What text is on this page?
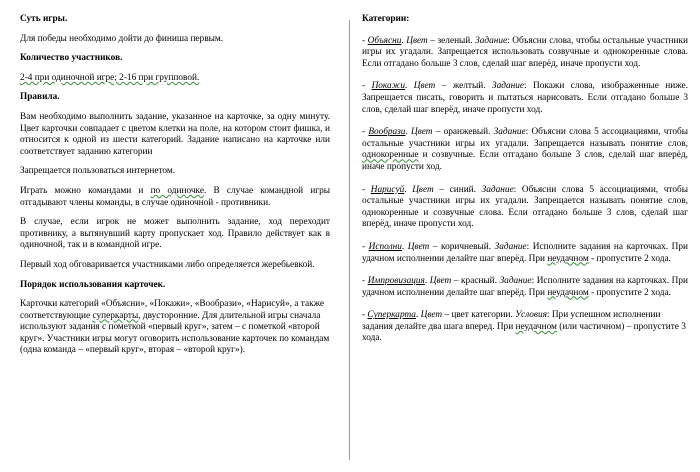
Суть игры.
Для победы необходимо дойти до финиша первым.
Количество участников.
2-4 при одиночной игре; 2-16 при групповой.
Правила.
Вам необходимо выполнить задание, указанное на карточке, за одну минуту. Цвет карточки совпадает с цветом клетки на поле, на котором стоит фишка, и относится к одной из шести категорий. Задание написано на карточке или соответствует заданию категории
Запрещается пользоваться интернетом.
Играть можно командами и по одиночке. В случае командной игры отгадывают члены команды, в случае одиночной - противники.
В случае, если игрок не может выполнить задание, ход переходит противнику, а вытянувший карту пропускает ход. Правило действует как в одиночной, так и в командной игре.
Первый ход обговаривается участниками либо определяется жеребьевкой.
Порядок использования карточек.
Карточки категорий «Объясни», «Покажи», «Вообрази», «Нарисуй», а также соответствующие суперкарты, двусторонние. Для длительной игры сначала используют задания с пометкой «первый круг», затем – с пометкой «второй круг». Участники игры могут оговорить использование карточек по командам (одна команда – «первый круг», вторая – «второй круг»).
Категории:
- Объясни. Цвет – зеленый. Задание: Объясни слова, чтобы остальные участники игры их угадали. Запрещается использовать созвучные и однокоренные слова. Если отгадано больше 3 слов, сделай шаг вперёд, иначе пропусти ход.
- Покажи. Цвет – желтый. Задание: Покажи слова, изображенные ниже. Запрещается писать, говорить и пытаться нарисовать. Если отгадано больше 3 слов, сделай шаг вперёд, иначе пропусти ход.
- Вообрази. Цвет – оранжевый. Задание: Объясни слова 5 ассоциациями, чтобы остальные участники игры их угадали. Запрещается называть понятие слов, однокоренные и созвучные. Если отгадано больше 3 слов, сделай шаг вперёд, иначе пропусти ход.
- Нарисуй. Цвет – синий. Задание: Объясни слова 5 ассоциациями, чтобы остальные участники игры их угадали. Запрещается называть понятие слов, однокоренные и созвучные слова. Если отгадано больше 3 слов, сделай шаг вперёд, иначе пропусти ход.
- Исполни. Цвет – коричневый. Задание: Исполните задания на карточках. При удачном исполнении делайте шаг вперёд. При неудачном - пропустите 2 хода.
- Импровизация. Цвет – красный. Задание: Исполните задания на карточках. При удачном исполнении делайте шаг вперёд. При неудачном - пропустите 2 хода.
- Суперкарта. Цвет – цвет категории. Условия: При успешном исполнении задания делайте два шага вперед. При неудачном (или частичном) – пропустите 3 хода.
